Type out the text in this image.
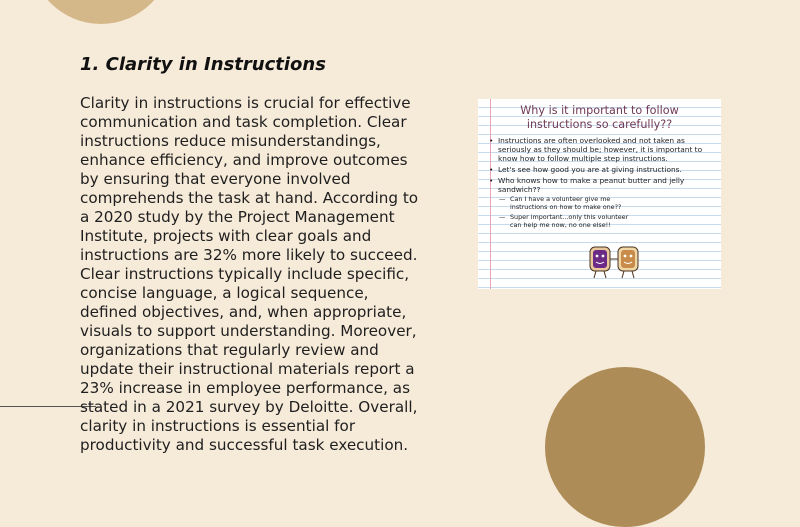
1. Clarity in Instructions

Clarity in instructions is crucial for effective communication and task completion. Clear instructions reduce misunderstandings, enhance efficiency, and improve outcomes by ensuring that everyone involved comprehends the task at hand. According to a 2020 study by the Project Management Institute, projects with clear goals and instructions are 32% more likely to succeed. Clear instructions typically include specific, concise language, a logical sequence, defined objectives, and, when appropriate, visuals to support understanding. Moreover, organizations that regularly review and update their instructional materials report a 23% increase in employee performance, as stated in a 2021 survey by Deloitte. Overall, clarity in instructions is essential for productivity and successful task execution.

Why is it important to follow instructions so carefully??
• Instructions are often overlooked and not taken as seriously as they should be; however, it is important to know how to follow multiple step instructions.
• Let's see how good you are at giving instructions.
• Who knows how to make a peanut butter and jelly sandwich??
— Can I have a volunteer give me instructions on how to make one??
— Super important...only this volunteer can help me now, no one else!!
